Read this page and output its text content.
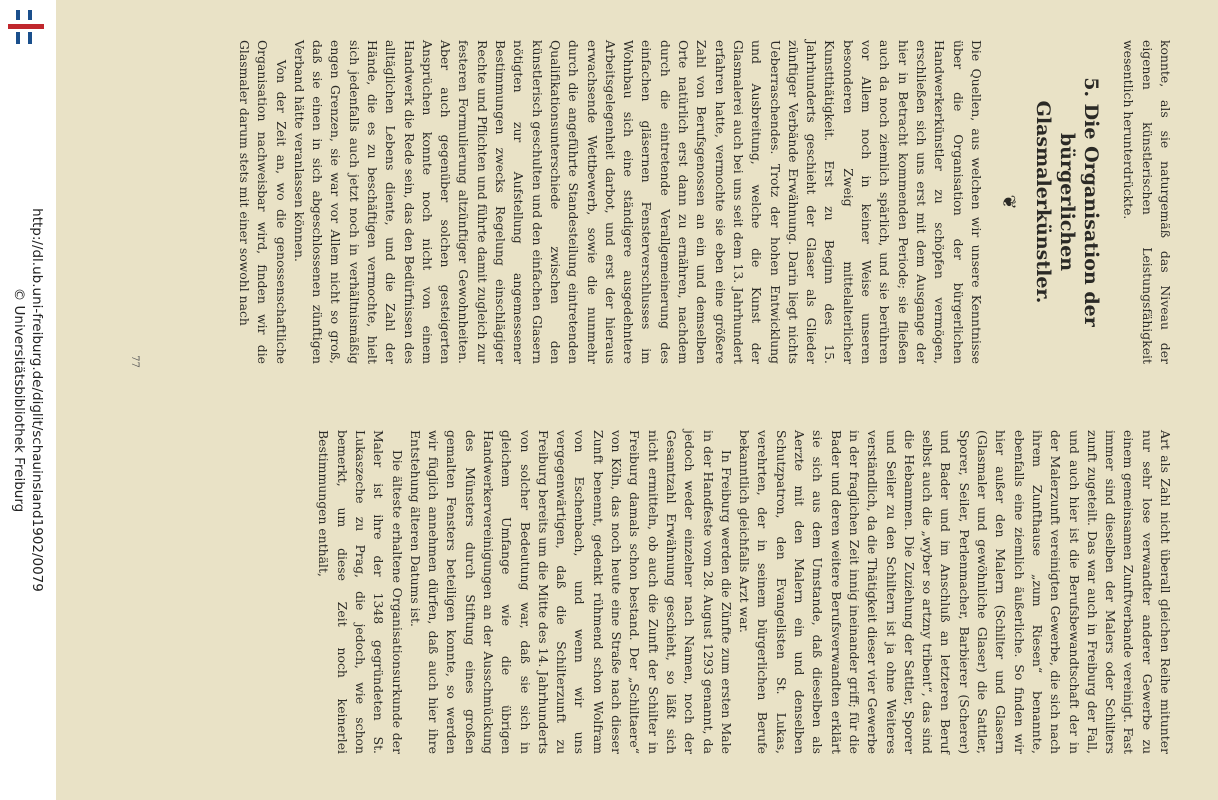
http://dl.ub.uni-freiburg.de/diglit/schauinsland1902/0079
© Universitätsbibliothek Freiburg	77	konnte, als sie naturgemäß das Niveau der eigenen künstlerischen Leistungsfähigkeit wesentlich herunterdrückte.

5. Die Organisation der bürgerlichen Glasmalerkünstler.
❦

Die Quellen, aus welchen wir unsere Kenntnisse über die Organisation der bürgerlichen Handwerkerkünstler zu schöpfen vermögen, erschließen sich uns erst mit dem Ausgange der hier in Betracht kommenden Periode; sie fließen auch da noch ziemlich spärlich, und sie berühren vor Allem noch in keiner Weise unseren besonderen Zweig mittelalterlicher Kunstthätigkeit. Erst zu Beginn des 15. Jahrhunderts geschieht der Glaser als Glieder zünftiger Verbände Erwähnung. Darin liegt nichts Ueberraschendes. Trotz der hohen Entwicklung und Ausbreitung, welche die Kunst der Glasmalerei auch bei uns seit dem 13. Jahrhundert erfahren hatte, vermochte sie eben eine größere Zahl von Berufsgenossen an ein und demselben Orte natürlich erst dann zu ernähren, nachdem durch die eintretende Verallgemeinerung des einfachen gläsernen Fensterverschlusses im Wohnbau sich eine ständigere ausgedehntere Arbeitsgelegenheit darbot, und erst der hieraus erwachsende Wettbewerb, sowie die nunmehr durch die angeführte Standesteilung eintretenden Qualifikationsunterschiede zwischen den künstlerisch geschulten und den einfachen Glasern nötigten zur Aufstellung angemessener Bestimmungen zwecks Regelung einschlägiger Rechte und Pflichten und führte damit zugleich zur festeren Formulierung altzünftiger Gewohnheiten. Aber auch gegenüber solchen gesteigerten Ansprüchen konnte noch nicht von einem Handwerk die Rede sein, das den Bedürfnissen des alltäglichen Lebens diente, und die Zahl der Hände, die es zu beschäftigen vermochte, hielt sich jedenfalls auch jetzt noch in verhältnismäßig engen Grenzen, sie war vor Allem nicht so groß, daß sie einen in sich abgeschlossenen zünftigen Verband hätte veranlassen können.

Von der Zeit an, wo die genossenschaftliche Organisation nachweisbar wird, finden wir die Glasmaler darum stets mit einer sowohl nach

Art als Zahl nicht überall gleichen Reihe mitunter nur sehr lose verwandter anderer Gewerbe zu einem gemeinsamen Zunftverbande vereinigt. Fast immer sind dieselben der Malers oder Schilters zunft zugeteilt. Das war auch in Freiburg der Fall, und auch hier ist die Berufsbewandtschaft der in der Malerzunft vereinigten Gewerbe, die sich nach ihrem Zunfthause „zum Riesen“ benannte, ebenfalls eine ziemlich äußerliche. So finden wir hier außer den Malern (Schilter und Glasern (Glasmaler und gewöhnliche Glaser) die Sattler, Sporer, Seiler, Perlenmacher, Barbierer (Scherer) und Bader und im Anschluß an letzteren Beruf selbst auch die „wyber so artzny tribent“, das sind die Hebammen. Die Zuziehung der Sattler, Sporer und Seiler zu den Schiltern ist ja ohne Weiteres verständlich, da die Thätigkeit dieser vier Gewerbe in der fraglichen Zeit innig ineinander griff; für die Bader und deren weitere Berufsverwandten erklärt sie sich aus dem Umstande, daß dieselben als Aerzte mit den Malern ein und denselben Schutzpatron, den Evangelisten St. Lukas, verehrten, der in seinem bürgerlichen Berufe bekanntlich gleichfalls Arzt war.

In Freiburg werden die Zünfte zum ersten Male in der Handfeste vom 28. August 1293 genannt, da jedoch weder einzelner nach Namen, noch der Gesamtzahl Erwähnung geschieht, so läßt sich nicht ermitteln, ob auch die Zunft der Schilter in Freiburg damals schon bestand. Der „Schiltaere“ von Köln, das noch heute eine Straße nach dieser Zunft benennt, gedenkt rühmend schon Wolfram von Eschenbach, und wenn wir uns vergegenwärtigen, daß die Schilterzunft zu Freiburg bereits um die Mitte des 14. Jahrhunderts von solcher Bedeutung war, daß sie sich in gleichem Umfange wie die übrigen Handwerkervereinigungen an der Ausschmückung des Münsters durch Stiftung eines großen gemalten Fensters beteiligen konnte, so werden wir füglich annehmen dürfen, daß auch hier ihre Entstehung älteren Datums ist.

Die älteste erhaltene Organisationsurkunde der Maler ist ihre der 1348 gegründeten St. Lukaszeche zu Prag, die jedoch, wie schon bemerkt, um diese Zeit noch keinerlei Bestimmungen enthält,
